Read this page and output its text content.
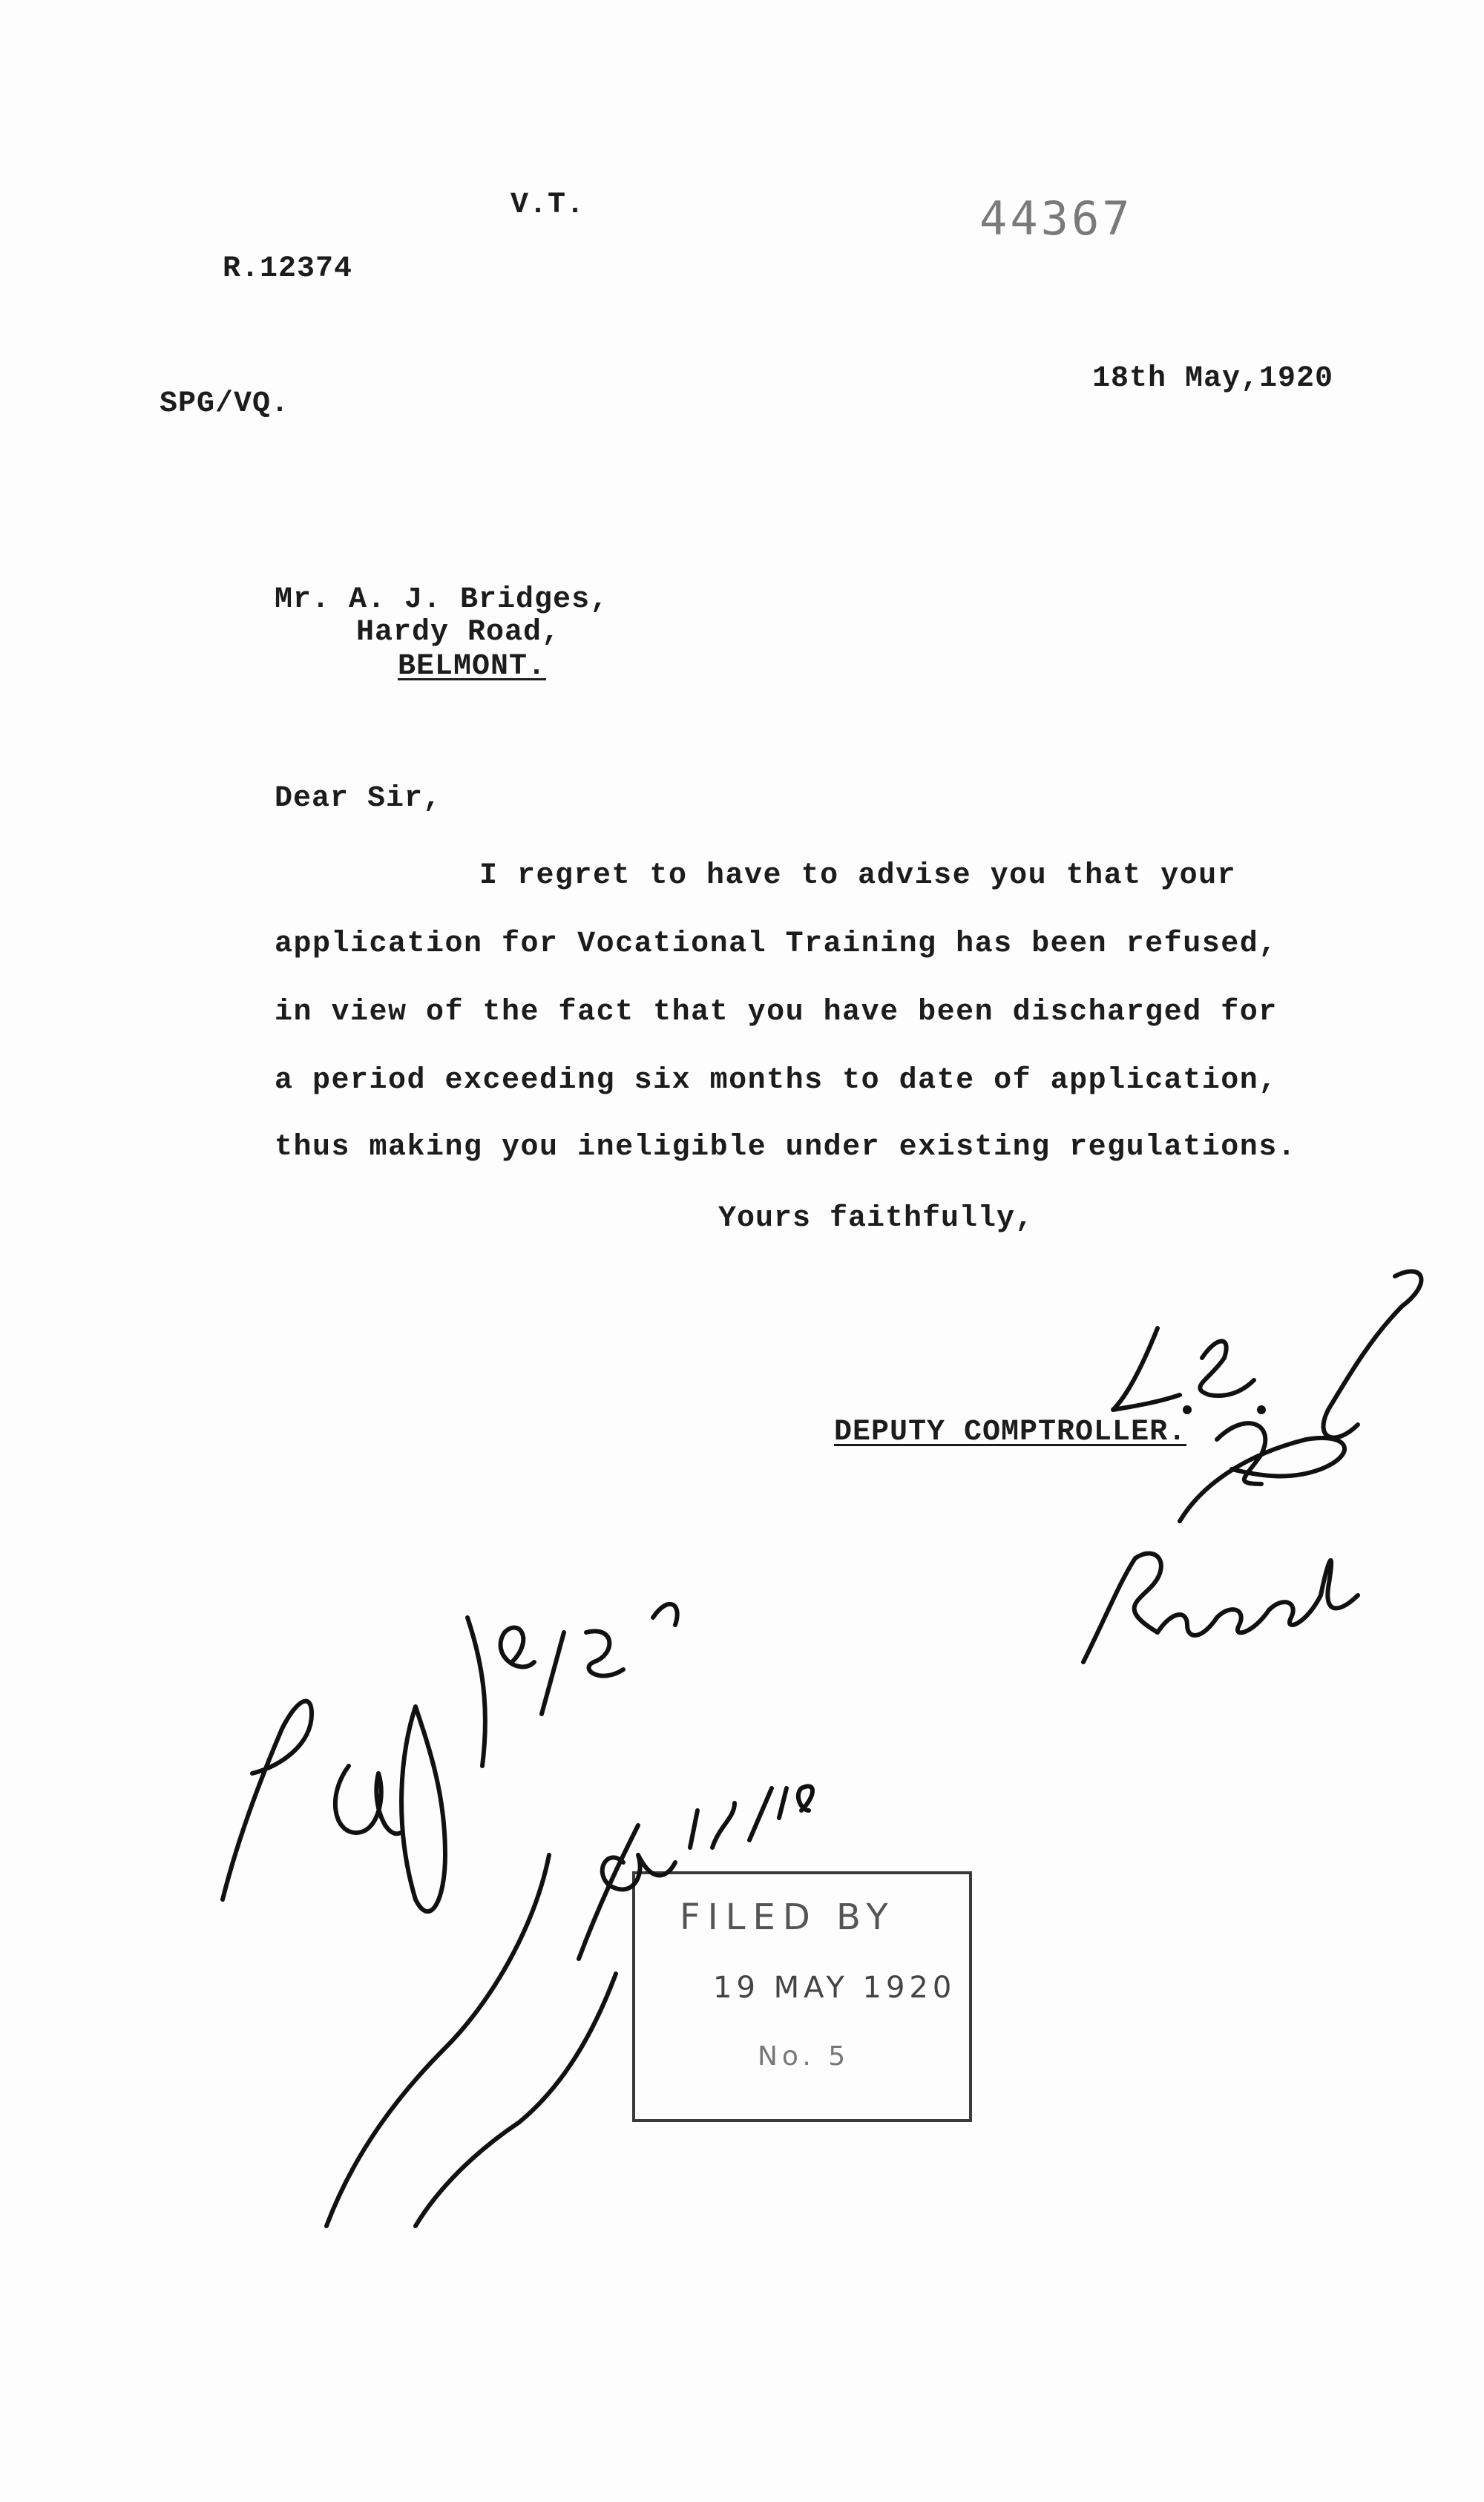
V.T.	44367
R.12374
18th May,1920
SPG/VQ.
Mr. A. J. Bridges,
Hardy Road,
BELMONT.
Dear Sir,
I regret to have to advise you that your
application for Vocational Training has been refused,
in view of the fact that you have been discharged for
a period exceeding six months to date of application,
thus making you ineligible under existing regulations.
Yours faithfully,
DEPUTY COMPTROLLER.
FILED BY
19 MAY 1920
No. 5
